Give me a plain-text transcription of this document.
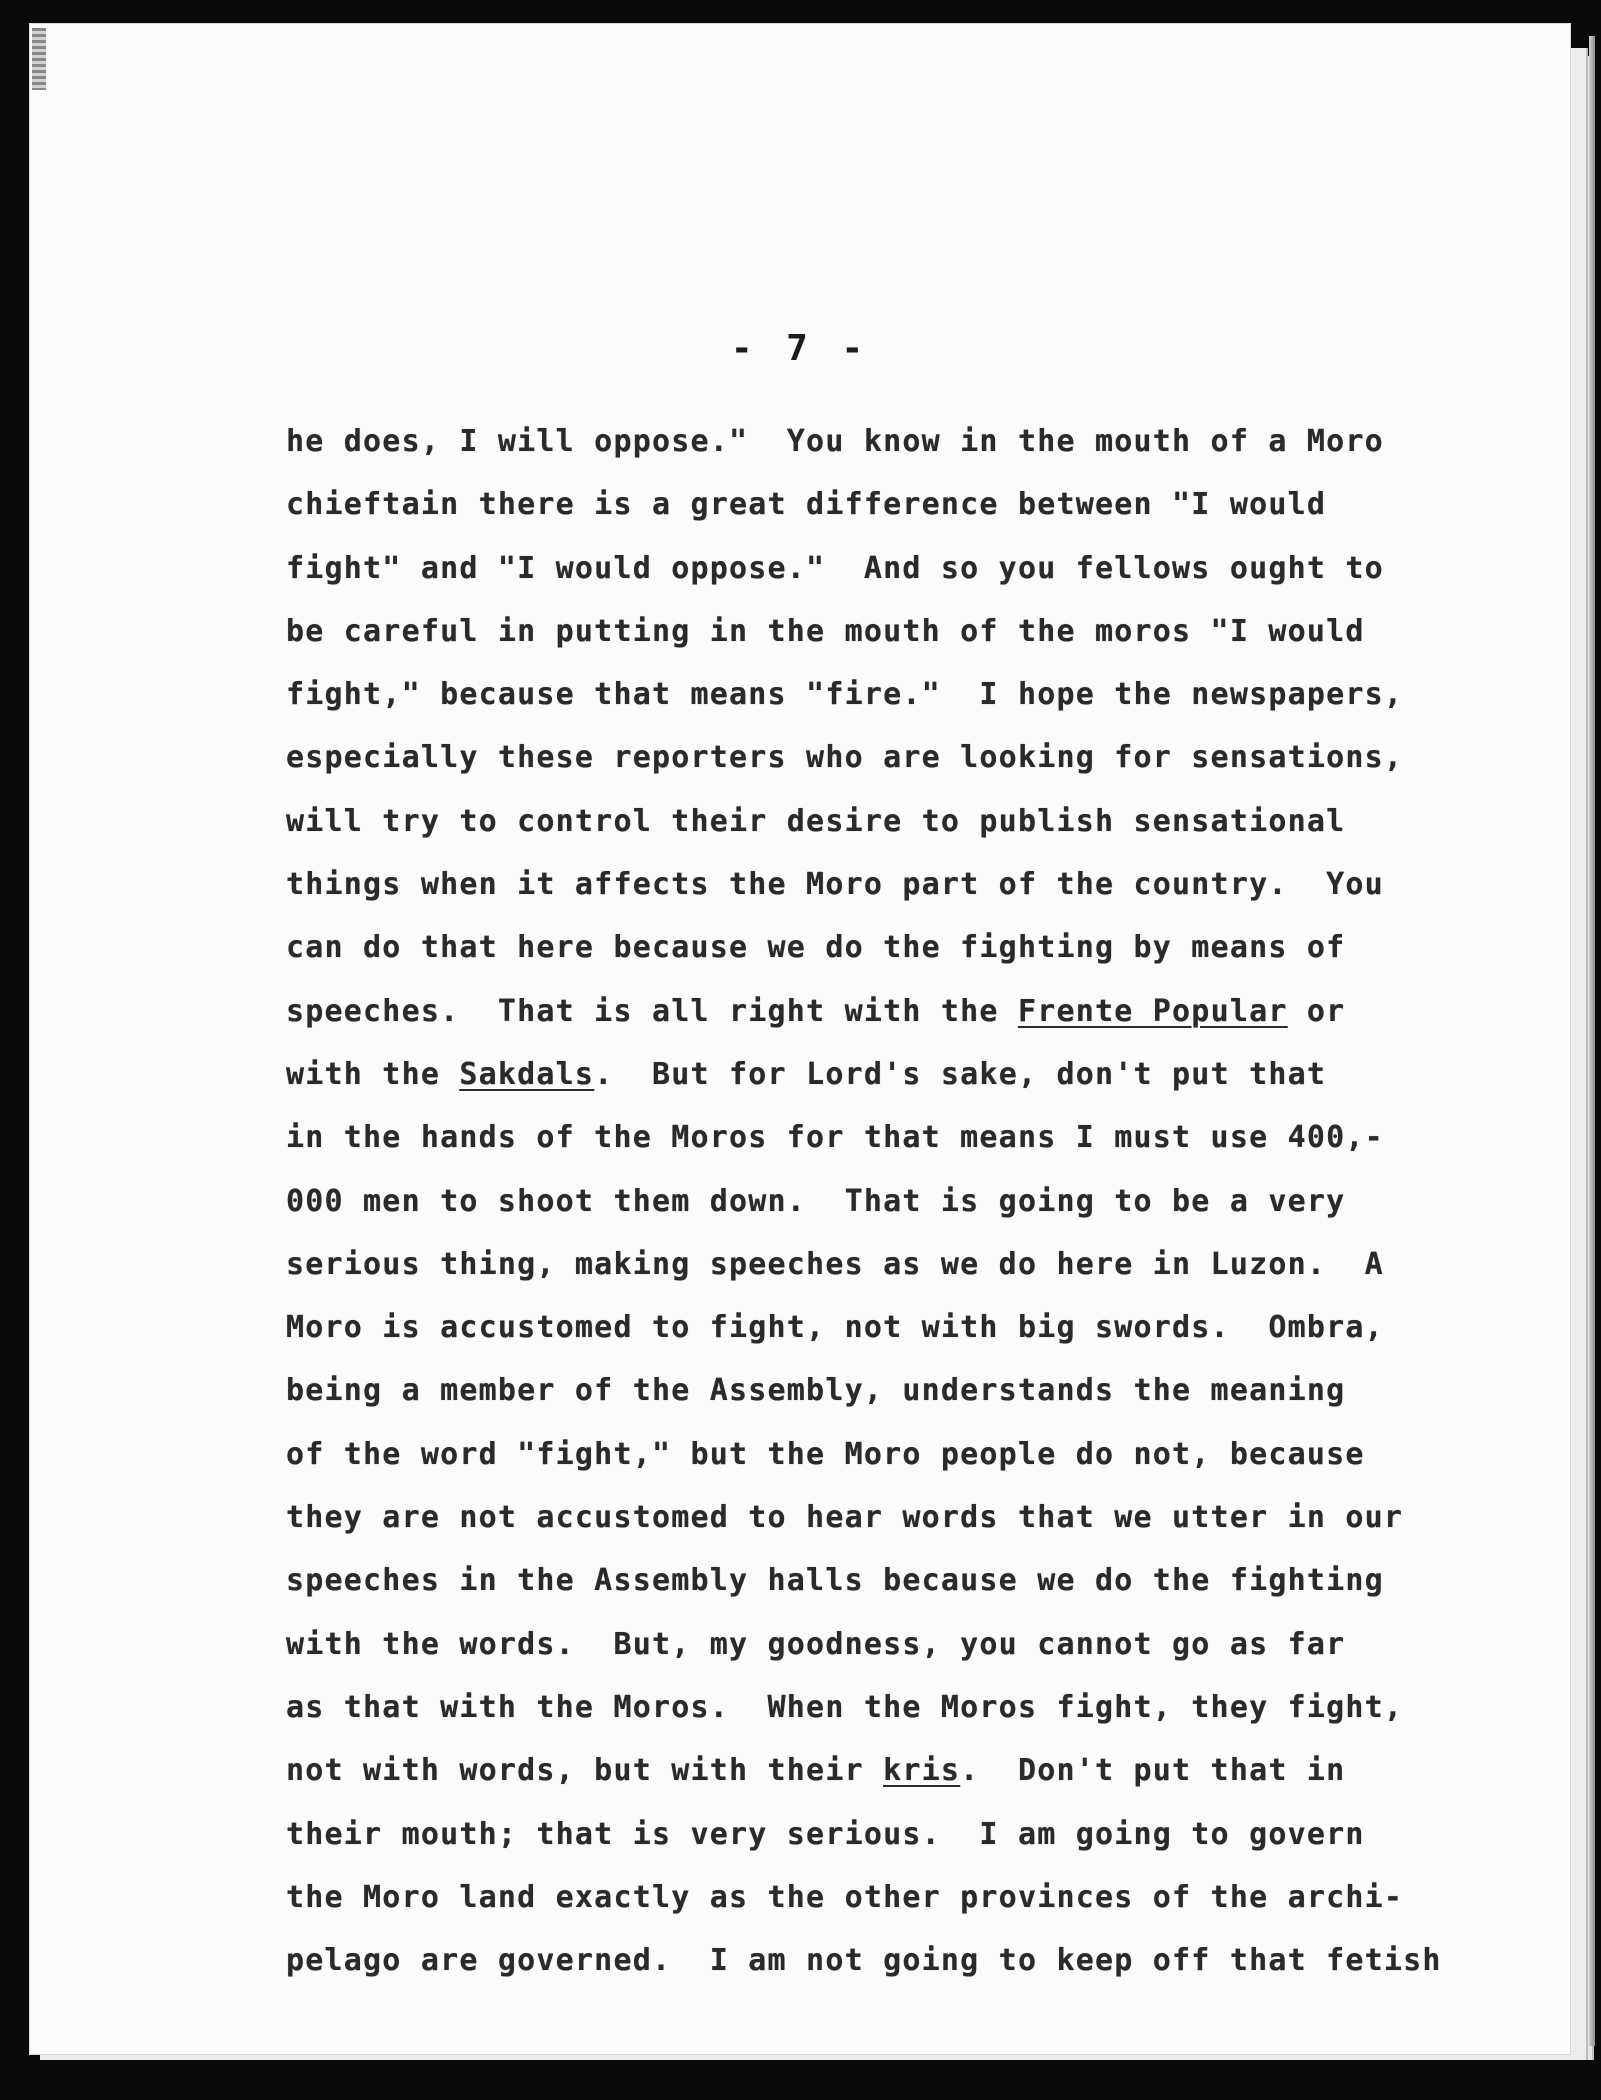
- 7 -
he does, I will oppose."  You know in the mouth of a Moro
chieftain there is a great difference between "I would
fight" and "I would oppose."  And so you fellows ought to
be careful in putting in the mouth of the moros "I would
fight," because that means "fire."  I hope the newspapers,
especially these reporters who are looking for sensations,
will try to control their desire to publish sensational
things when it affects the Moro part of the country.  You
can do that here because we do the fighting by means of
speeches.  That is all right with the Frente Popular or
with the Sakdals.  But for Lord's sake, don't put that
in the hands of the Moros for that means I must use 400,-
000 men to shoot them down.  That is going to be a very
serious thing, making speeches as we do here in Luzon.  A
Moro is accustomed to fight, not with big swords.  Ombra,
being a member of the Assembly, understands the meaning
of the word "fight," but the Moro people do not, because
they are not accustomed to hear words that we utter in our
speeches in the Assembly halls because we do the fighting
with the words.  But, my goodness, you cannot go as far
as that with the Moros.  When the Moros fight, they fight,
not with words, but with their kris.  Don't put that in
their mouth; that is very serious.  I am going to govern
the Moro land exactly as the other provinces of the archi-
pelago are governed.  I am not going to keep off that fetish
